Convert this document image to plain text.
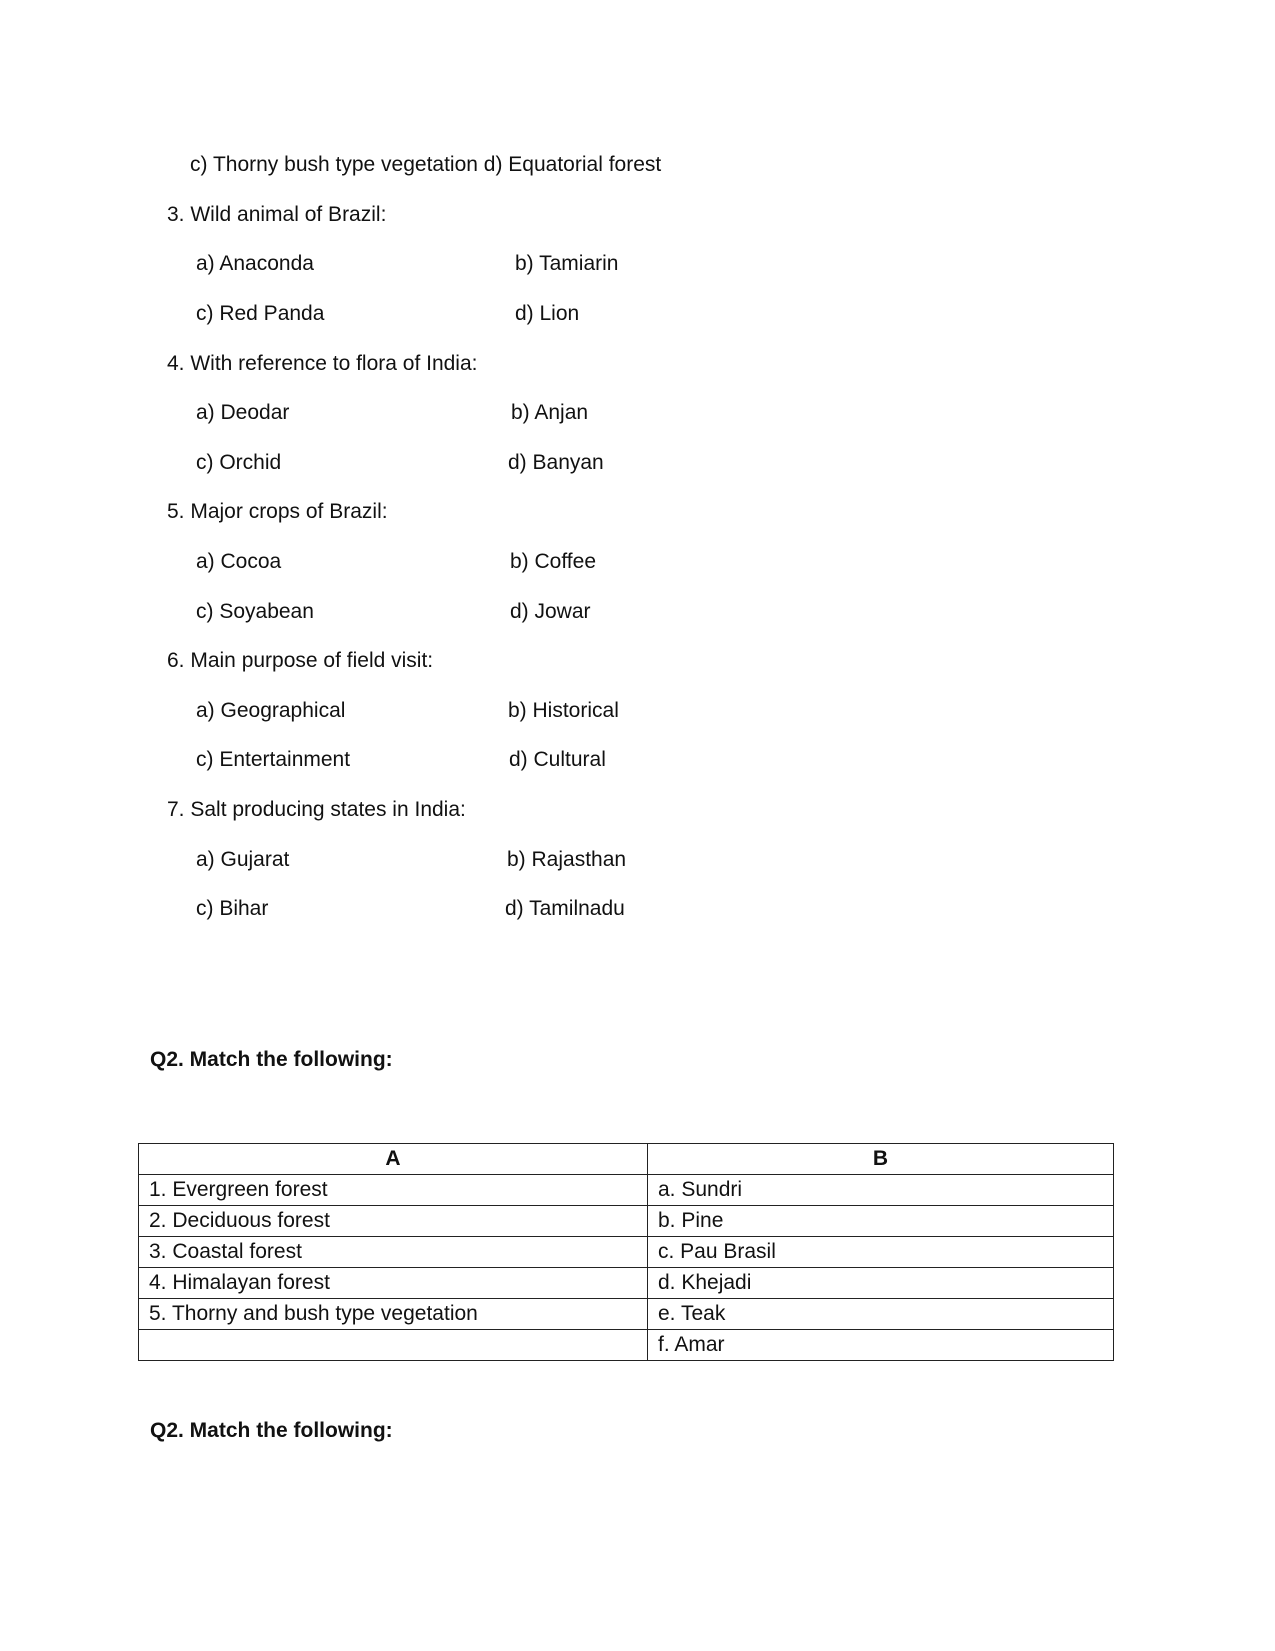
c) Thorny bush type vegetation d) Equatorial forest
3. Wild animal of Brazil:
a) Anaconda	b) Tamiarin
c) Red Panda	d) Lion
4. With reference to flora of India:
a) Deodar	b) Anjan
c) Orchid	d) Banyan
5. Major crops of Brazil:
a) Cocoa	b) Coffee
c) Soyabean	d) Jowar
6. Main purpose of field visit:
a) Geographical	b) Historical
c) Entertainment	d) Cultural
7. Salt producing states in India:
a) Gujarat	b) Rajasthan
c) Bihar	d) Tamilnadu
Q2. Match the following:
A	B
1. Evergreen forest	a. Sundri
2. Deciduous forest	b. Pine
3. Coastal forest	c. Pau Brasil
4. Himalayan forest	d. Khejadi
5. Thorny and bush type vegetation	e. Teak
	f. Amar
Q2. Match the following:
